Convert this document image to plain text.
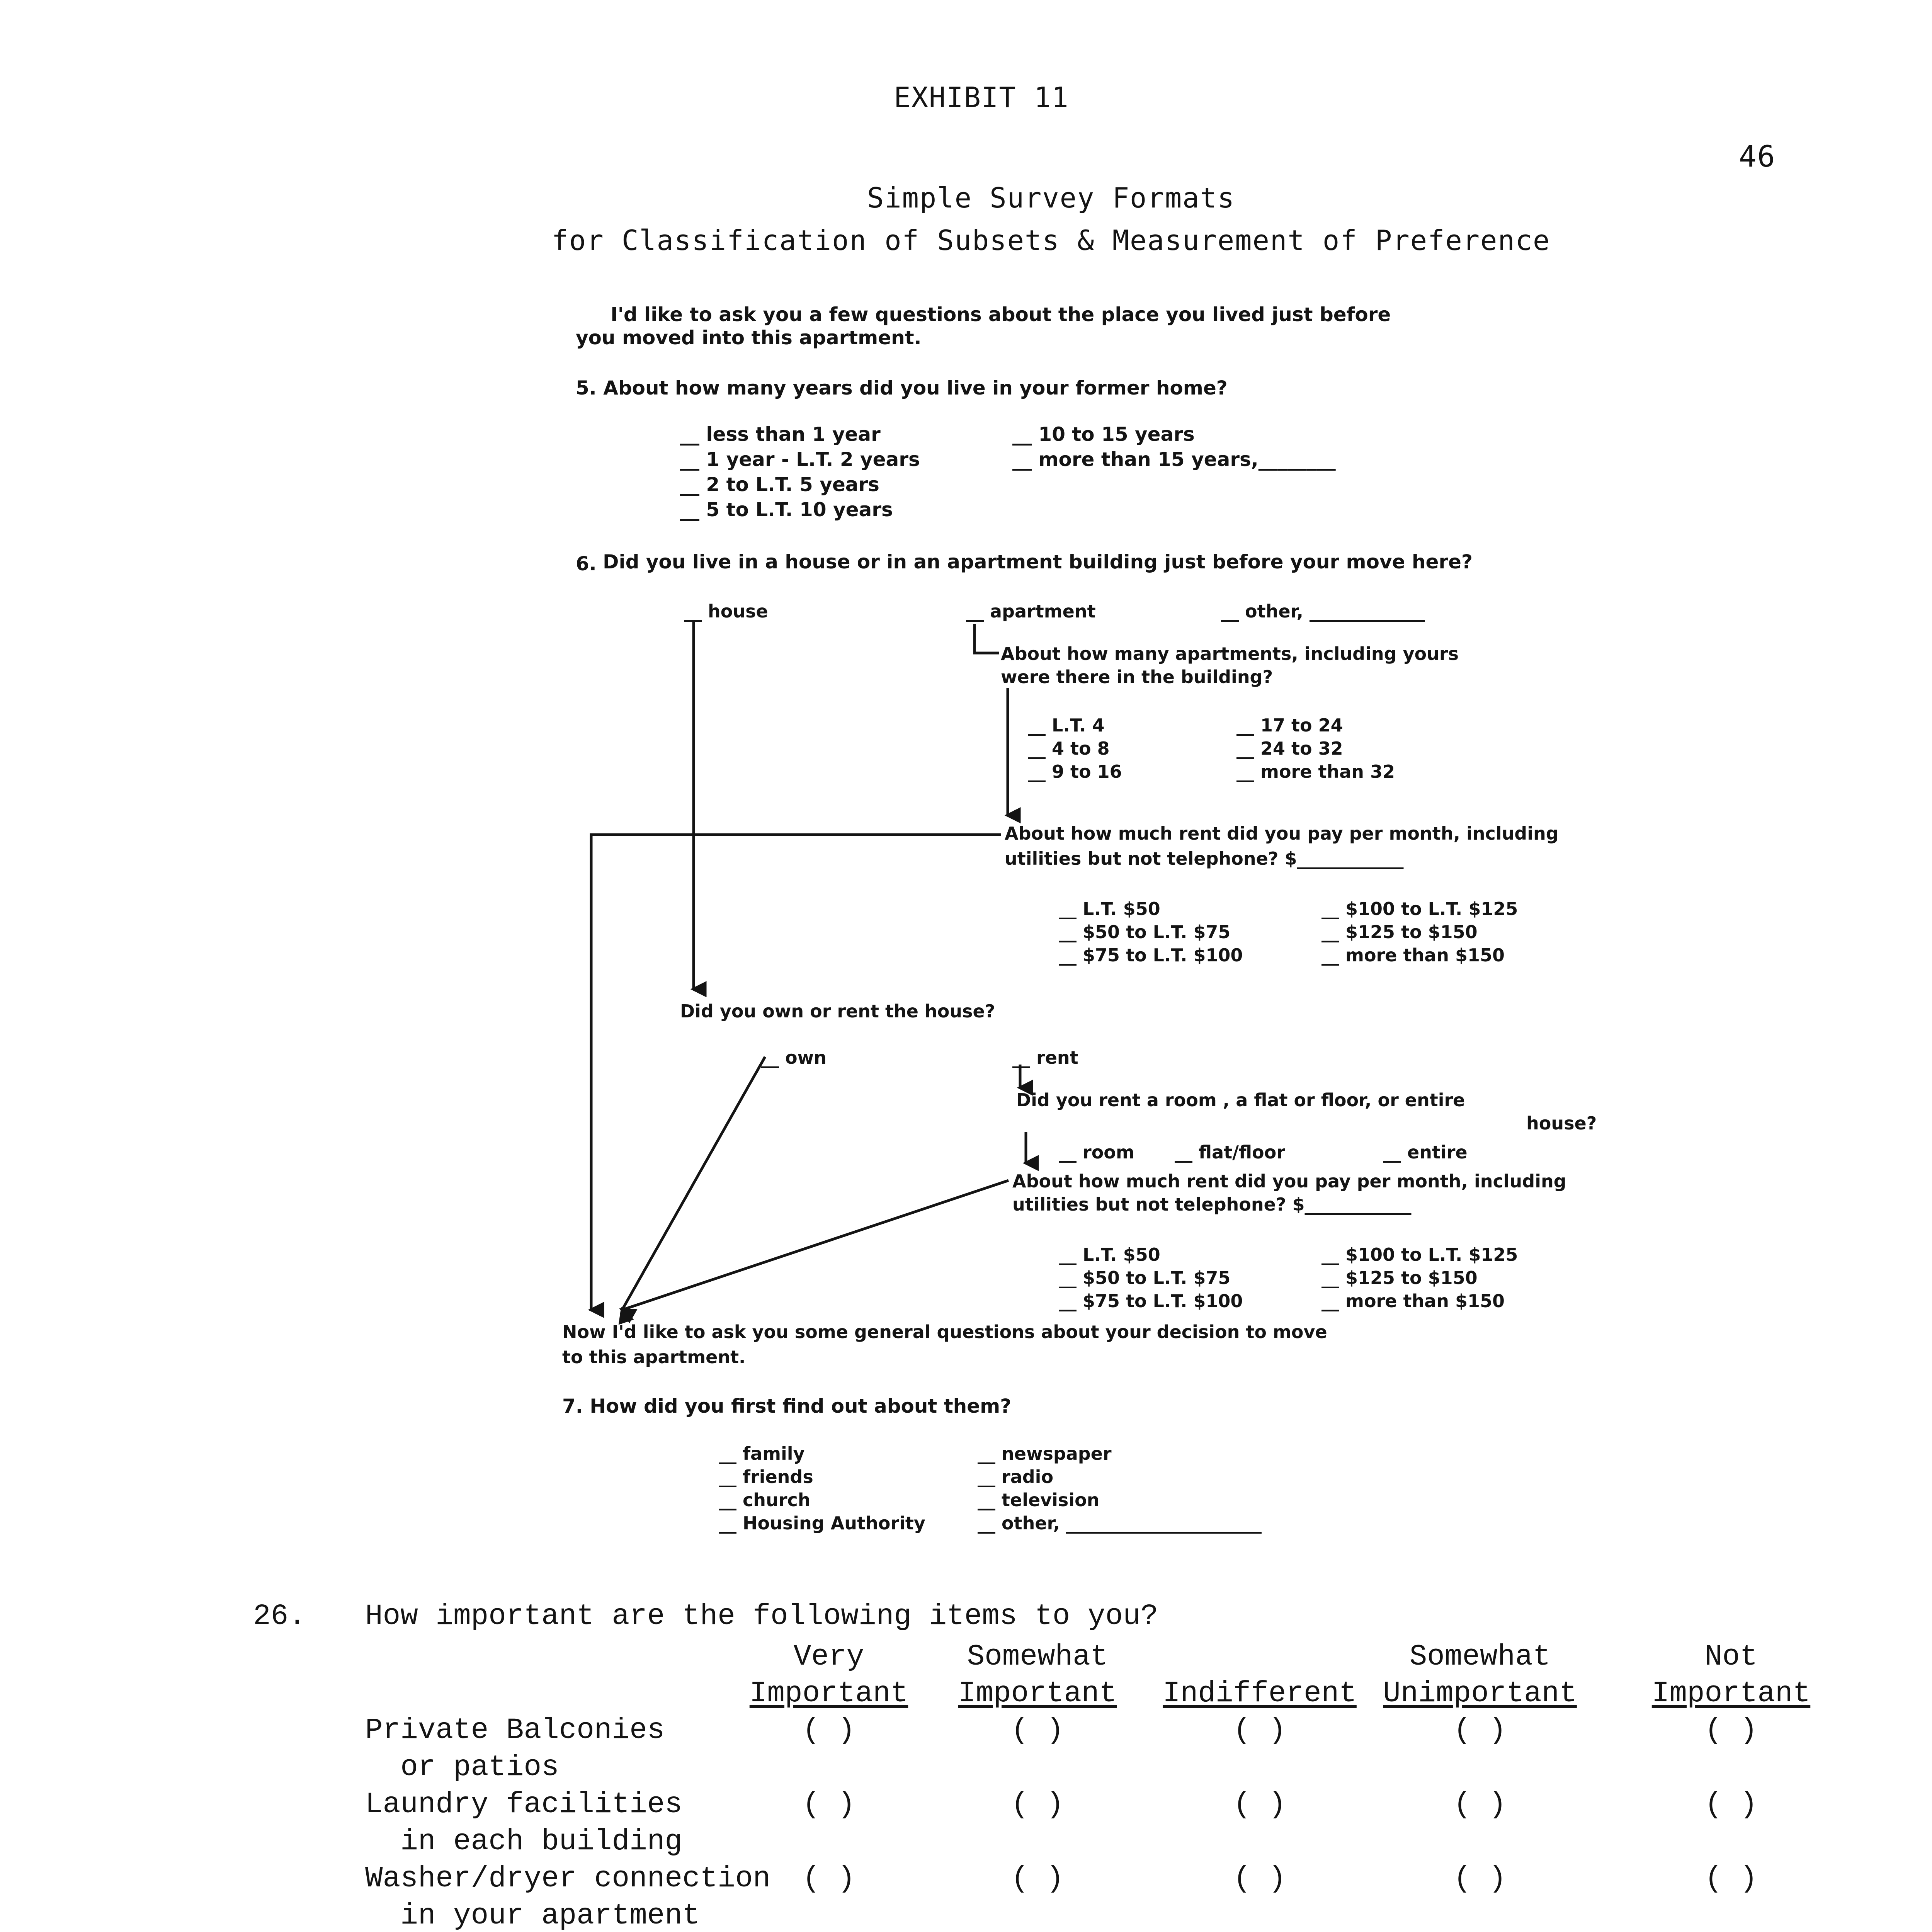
EXHIBIT 11
46
Simple Survey Formats
for Classification of Subsets & Measurement of Preference
I'd like to ask you a few questions about the place you lived just before
you moved into this apartment.
5. About how many years did you live in your former home?
__ less than 1 year
__ 1 year - L.T. 2 years
__ 2 to L.T. 5 years
__ 5 to L.T. 10 years
__ 10 to 15 years
__ more than 15 years,________
6. Did you live in a house or in an apartment building just before your move here?
__ house	__ apartment	__ other, _____________
About how many apartments, including yours
were there in the building?
__ L.T. 4
__ 4 to 8
__ 9 to 16
__ 17 to 24
__ 24 to 32
__ more than 32
About how much rent did you pay per month, including
utilities but not telephone? $____________
__ L.T. $50
__ $50 to L.T. $75
__ $75 to L.T. $100
__ $100 to L.T. $125
__ $125 to $150
__ more than $150
Did you own or rent the house?
__ own	__ rent
Did you rent a room , a flat or floor, or entire
house?
__ room __ flat/floor	__ entire
About how much rent did you pay per month, including
utilities but not telephone? $____________
__ L.T. $50
__ $50 to L.T. $75
__ $75 to L.T. $100
__ $100 to L.T. $125
__ $125 to $150
__ more than $150
Now I'd like to ask you some general questions about your decision to move
to this apartment.
7. How did you first find out about them?
__ family
__ friends
__ church
__ Housing Authority
__ newspaper
__ radio
__ television
__ other, ______________________
26. How important are the following items to you?
Very
Important
Somewhat
Important Indifferent
Somewhat
Unimportant
Not
Important
Private Balconies
or patios
( )	( )	( )	( )	( )
Laundry facilities
in each building
( )	( )	( )	( )	( )
Washer/dryer connection
in your apartment
( )	( )	( )	( )	( )
